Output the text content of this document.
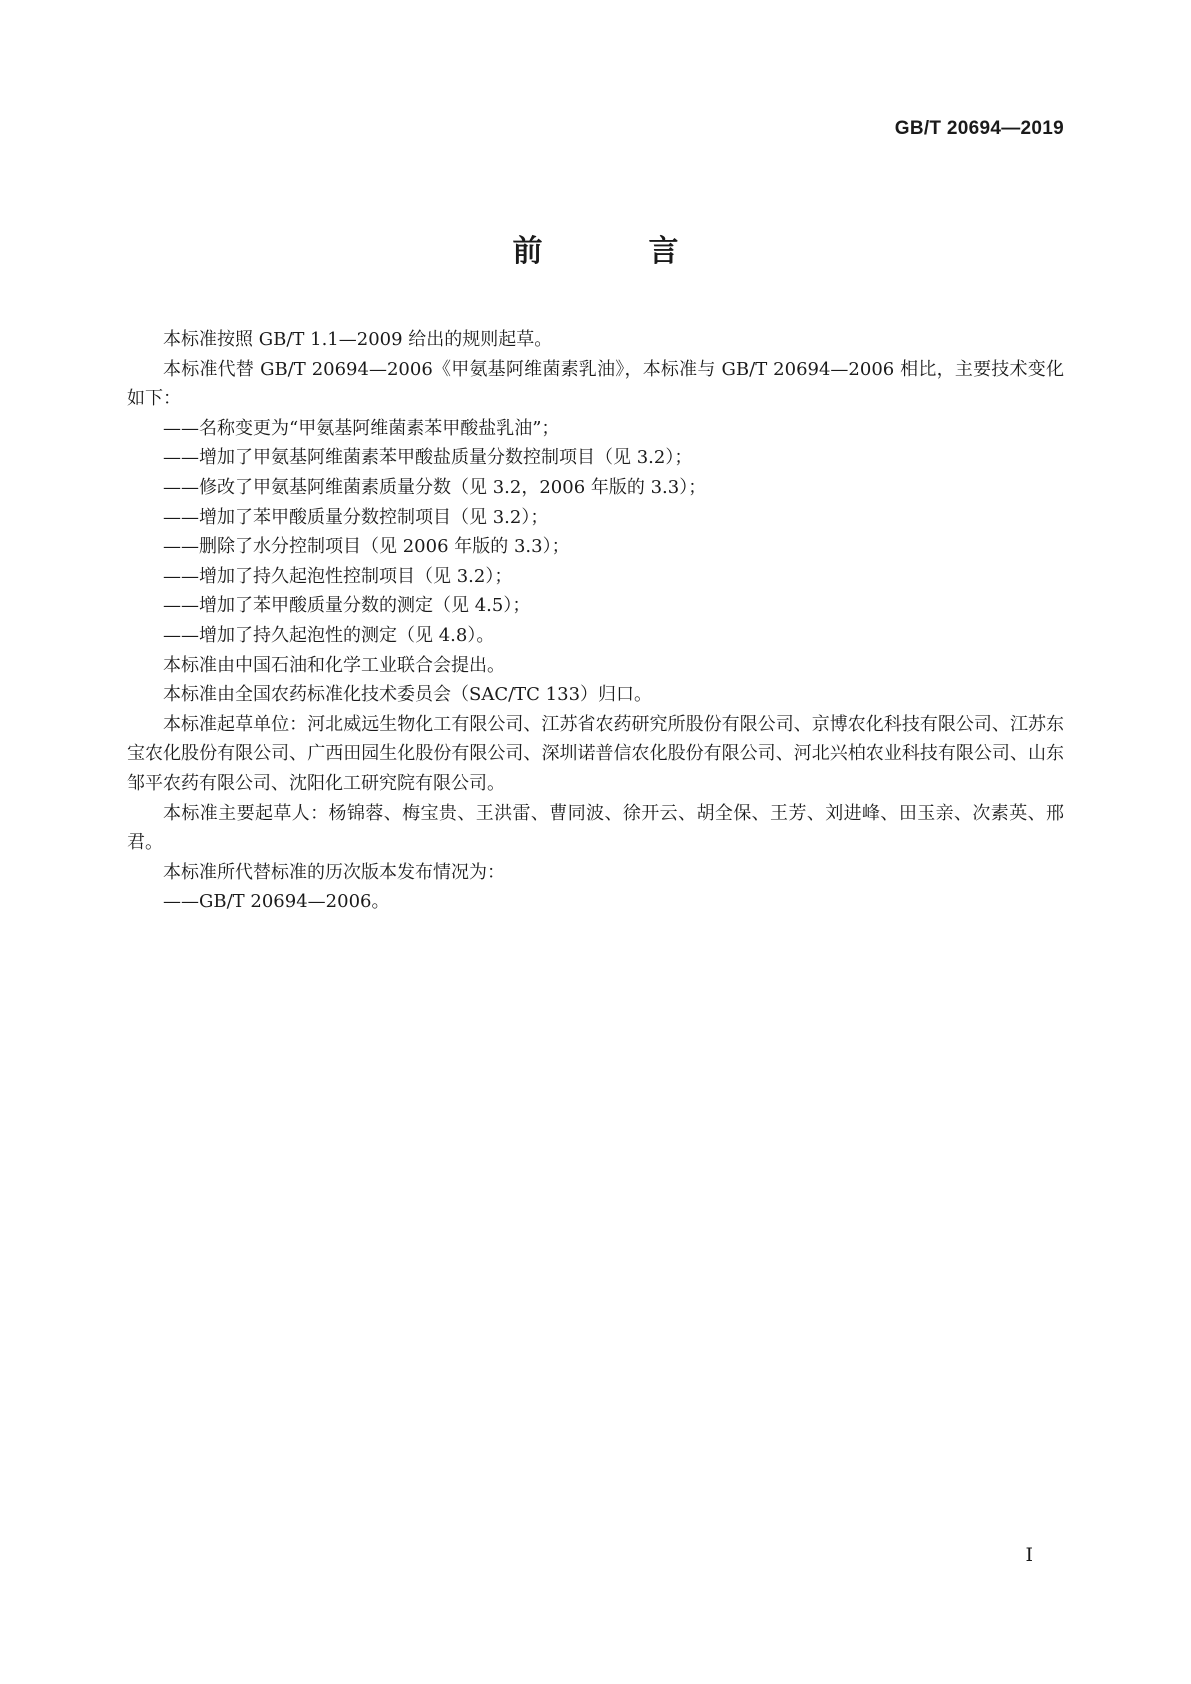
GB/T 20694—2019
前　言

本标准按照 GB/T 1.1—2009 给出的规则起草。

本标准代替 GB/T 20694—2006《甲氨基阿维菌素乳油》，本标准与 GB/T 20694—2006 相比，主要技术变化如下：

——名称变更为“甲氨基阿维菌素苯甲酸盐乳油”；

——增加了甲氨基阿维菌素苯甲酸盐质量分数控制项目（见 3.2）；

——修改了甲氨基阿维菌素质量分数（见 3.2，2006 年版的 3.3）；

——增加了苯甲酸质量分数控制项目（见 3.2）；

——删除了水分控制项目（见 2006 年版的 3.3）；

——增加了持久起泡性控制项目（见 3.2）；

——增加了苯甲酸质量分数的测定（见 4.5）；

——增加了持久起泡性的测定（见 4.8）。

本标准由中国石油和化学工业联合会提出。

本标准由全国农药标准化技术委员会（SAC/TC 133）归口。

本标准起草单位：河北威远生物化工有限公司、江苏省农药研究所股份有限公司、京博农化科技有限公司、江苏东宝农化股份有限公司、广西田园生化股份有限公司、深圳诺普信农化股份有限公司、河北兴柏农业科技有限公司、山东邹平农药有限公司、沈阳化工研究院有限公司。

本标准主要起草人：杨锦蓉、梅宝贵、王洪雷、曹同波、徐开云、胡全保、王芳、刘进峰、田玉亲、次素英、邢君。

本标准所代替标准的历次版本发布情况为：

——GB/T 20694—2006。

I
